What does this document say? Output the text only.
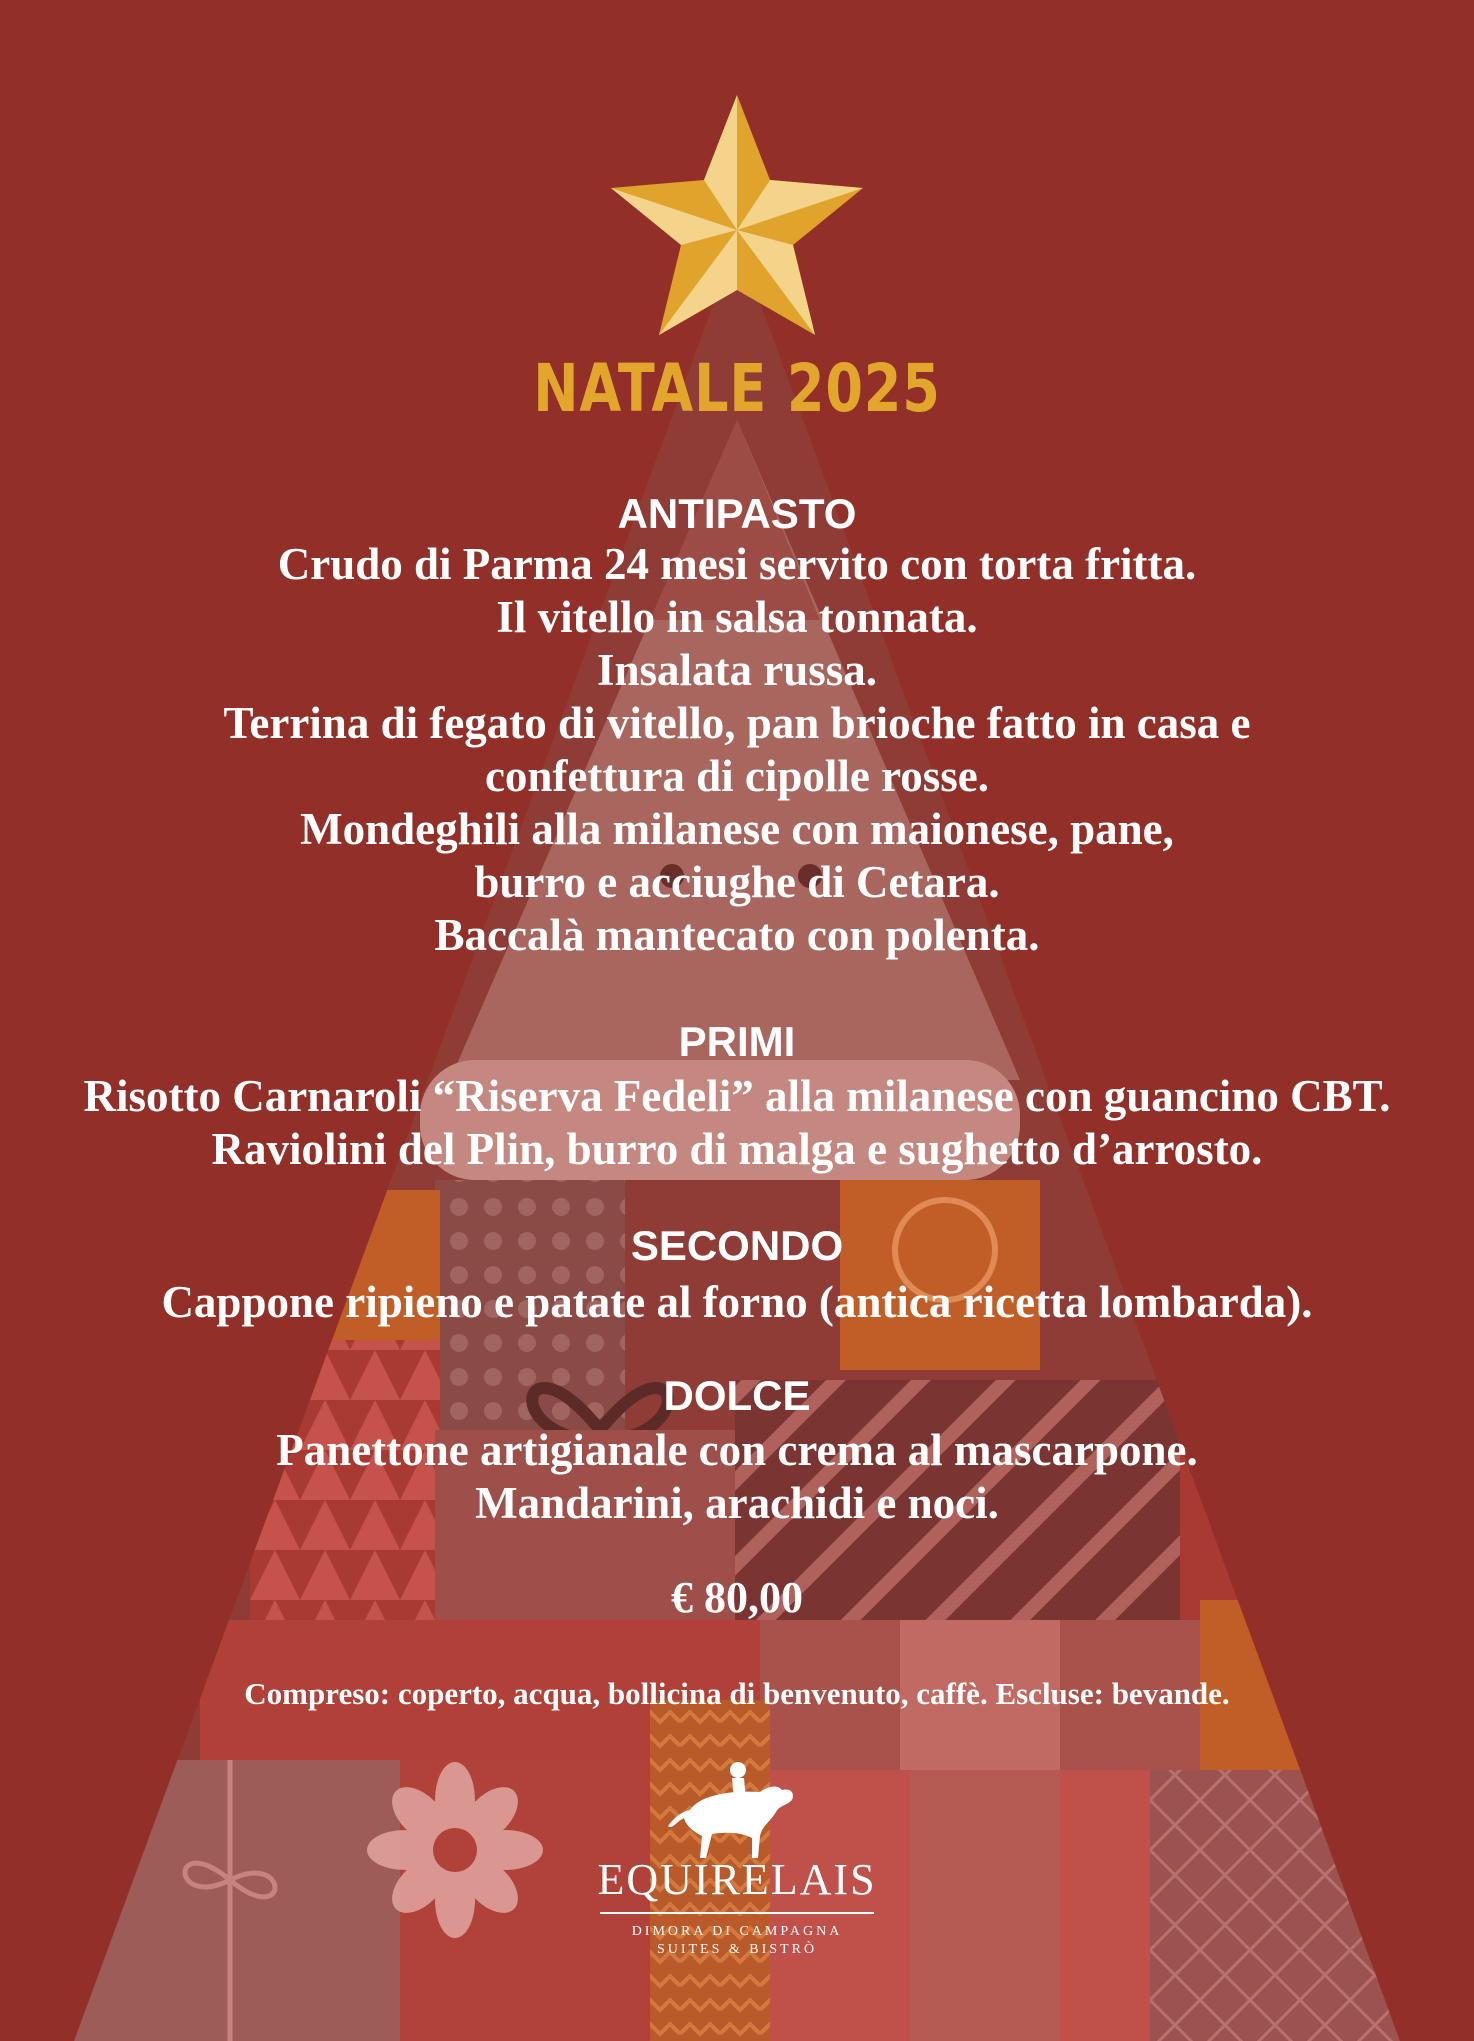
NATALE 2025
ANTIPASTO
Crudo di Parma 24 mesi servito con torta fritta.
Il vitello in salsa tonnata.
Insalata russa.
Terrina di fegato di vitello, pan brioche fatto in casa e
confettura di cipolle rosse.
Mondeghili alla milanese con maionese, pane,
burro e acciughe di Cetara.
Baccalà mantecato con polenta.
PRIMI
Risotto Carnaroli “Riserva Fedeli” alla milanese con guancino CBT.
Raviolini del Plin, burro di malga e sughetto d’arrosto.
SECONDO
Cappone ripieno e patate al forno (antica ricetta lombarda).
DOLCE
Panettone artigianale con crema al mascarpone.
Mandarini, arachidi e noci.
€ 80,00
Compreso: coperto, acqua, bollicina di benvenuto, caffè. Escluse: bevande.
EQUIRELAIS
DIMORA DI CAMPAGNA
SUITES & BISTRÒ
